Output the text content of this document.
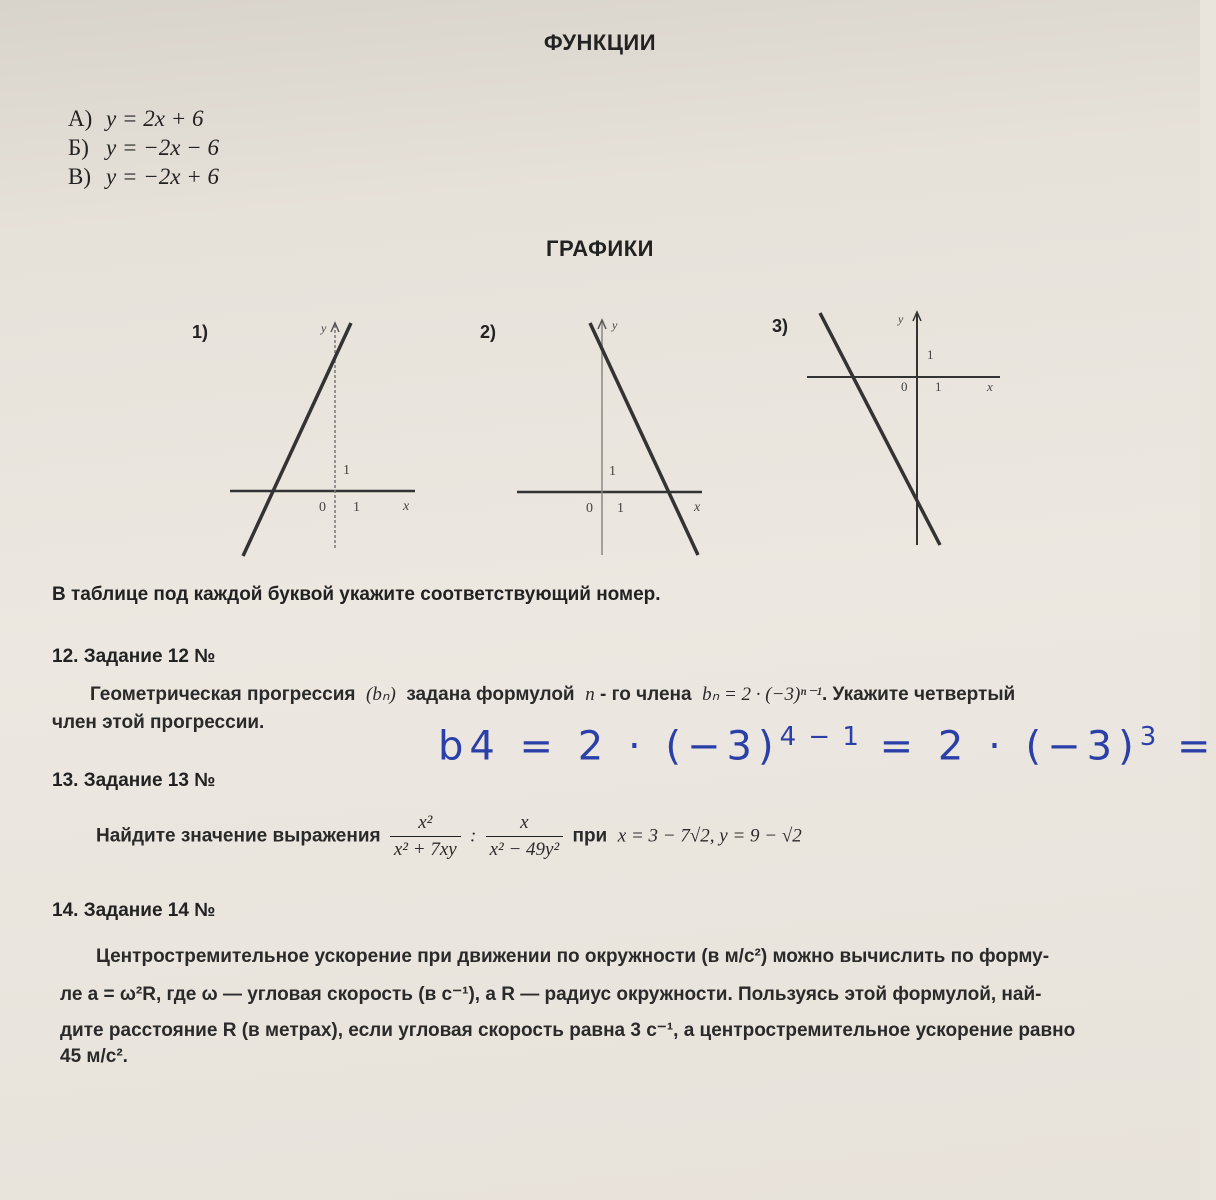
ФУНКЦИИ
А) y = 2x + 6
Б) y = −2x − 6
В) y = −2x + 6
ГРАФИКИ
1)	y
x
1
0 1
2)	y
x
1
0 1
3)	y
x
1
0 1
В таблице под каждой буквой укажите соответствующий номер.
12. Задание 12 №
Геометрическая прогрессия (bₙ) задана формулой n - го члена bₙ = 2 · (−3)ⁿ⁻¹. Укажите четвертый
член этой прогрессии.
$b4 = 2 \cdot (-3)^{4 - 1} = 2 \cdot (-3)^3$ =
13. Задание 13 №
Найдите значение выражения $\frac{\text{x²}}{\text{x² + 7xy}}$ : $\frac{x}{\text{x² − 49y²}}$ при x = 3 − 7√2, y = 9 − √2
14. Задание 14 №
Центростремительное ускорение при движении по окружности (в м/с²) можно вычислить по форму-
ле a = ω²R, где ω — угловая скорость (в с⁻¹), а R — радиус окружности. Пользуясь этой формулой, най-
дите расстояние R (в метрах), если угловая скорость равна 3 с⁻¹, а центростремительное ускорение равно
45 м/с².
